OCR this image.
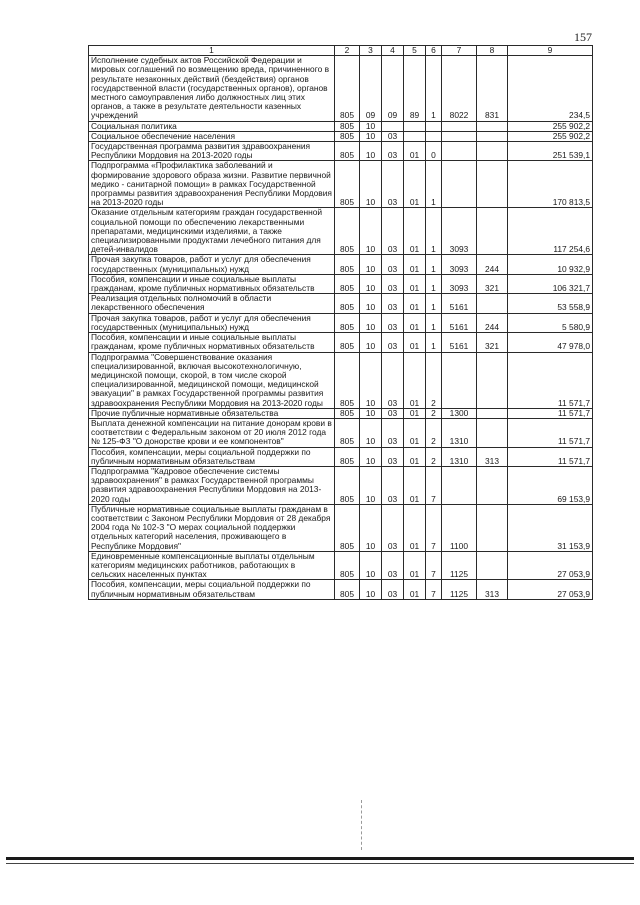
157
1	2	3	4	5	6	7	8	9
Исполнение судебных актов Российской Федерации и мировых соглашений по возмещению вреда, причиненного в результате незаконных действий (бездействия) органов государственной власти (государственных органов), органов местного самоуправления либо должностных лиц этих органов, а также в результате деятельности казенных учреждений	805	09	09	89	1	8022	831	234,5
Социальная политика	805	10						255 902,2
Социальное обеспечение населения	805	10	03					255 902,2
Государственная программа развития здравоохранения Республики Мордовия на 2013-2020 годы	805	10	03	01	0			251 539,1
Подпрограмма «Профилактика заболеваний и формирование здорового образа жизни. Развитие первичной медико - санитарной помощи» в рамках Государственной программы развития здравоохранения Республики Мордовия на 2013-2020 годы	805	10	03	01	1			170 813,5
Оказание отдельным категориям граждан государственной социальной помощи по обеспечению лекарственными препаратами, медицинскими изделиями, а также специализированными продуктами лечебного питания для детей-инвалидов	805	10	03	01	1	3093		117 254,6
Прочая закупка товаров, работ и услуг для обеспечения государственных (муниципальных) нужд	805	10	03	01	1	3093	244	10 932,9
Пособия, компенсации и иные социальные выплаты гражданам, кроме публичных нормативных обязательств	805	10	03	01	1	3093	321	106 321,7
Реализация отдельных полномочий в области лекарственного обеспечения	805	10	03	01	1	5161		53 558,9
Прочая закупка товаров, работ и услуг для обеспечения государственных (муниципальных) нужд	805	10	03	01	1	5161	244	5 580,9
Пособия, компенсации и иные социальные выплаты гражданам, кроме публичных нормативных обязательств	805	10	03	01	1	5161	321	47 978,0
Подпрограмма "Совершенствование оказания специализированной, включая высокотехнологичную, медицинской помощи, скорой, в том числе скорой специализированной, медицинской помощи, медицинской эвакуации" в рамках Государственной программы развития здравоохранения Республики Мордовия на 2013-2020 годы	805	10	03	01	2			11 571,7
Прочие публичные нормативные обязательства	805	10	03	01	2	1300		11 571,7
Выплата денежной компенсации на питание донорам крови в соответствии с Федеральным законом от 20 июля 2012 года № 125-ФЗ "О донорстве крови и ее компонентов"	805	10	03	01	2	1310		11 571,7
Пособия, компенсации, меры социальной поддержки по публичным нормативным обязательствам	805	10	03	01	2	1310	313	11 571,7
Подпрограмма "Кадровое обеспечение системы здравоохранения" в рамках Государственной программы развития здравоохранения Республики Мордовия на 2013-2020 годы	805	10	03	01	7			69 153,9
Публичные нормативные социальные выплаты гражданам в соответствии с Законом Республики Мордовия от 28 декабря 2004 года № 102-З "О мерах социальной поддержки отдельных категорий населения, проживающего в Республике Мордовия"	805	10	03	01	7	1100		31 153,9
Единовременные компенсационные выплаты отдельным категориям медицинских работников, работающих в сельских населенных пунктах	805	10	03	01	7	1125		27 053,9
Пособия, компенсации, меры социальной поддержки по публичным нормативным обязательствам	805	10	03	01	7	1125	313	27 053,9
